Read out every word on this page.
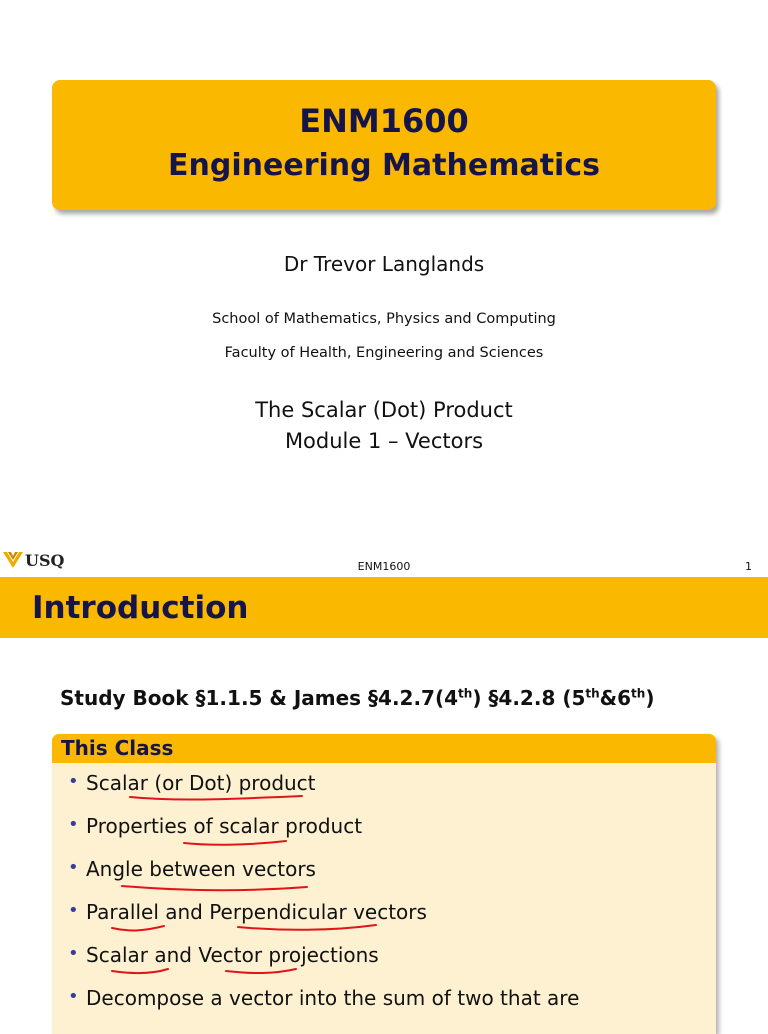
ENM1600
Engineering Mathematics
Dr Trevor Langlands
School of Mathematics, Physics and Computing
Faculty of Health, Engineering and Sciences
The Scalar (Dot) Product
Module 1 – Vectors
USQ	ENM1600	1
Introduction
Study Book §1.1.5 & James §4.2.7(4th) §4.2.8 (5th&6th)
This Class
• Scalar (or Dot) product
• Properties of scalar product
• Angle between vectors
• Parallel and Perpendicular vectors
• Scalar and Vector projections
• Decompose a vector into the sum of two that are
